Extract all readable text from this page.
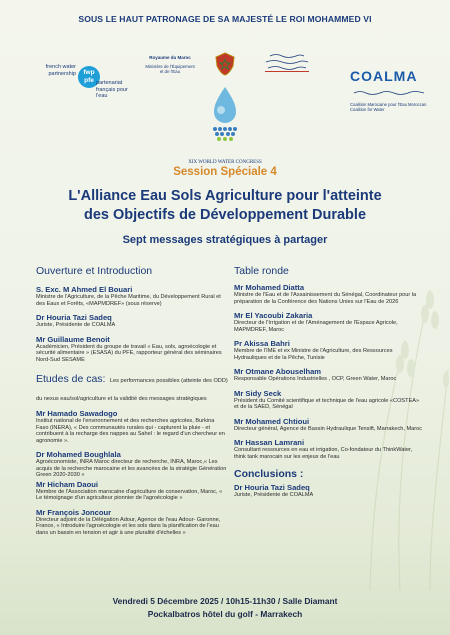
SOUS LE HAUT PATRONAGE DE SA MAJESTÉ LE ROI MOHAMMED VI
french water partnership	fwp pfe partenariat français pour l'eau
Royaume du Maroc
Ministère de l'Équipement et de l'Eau	COALMA
Coalition Marocaine pour l'Eau Moroccan Coalition for Water
XIX WORLD WATER CONGRESS
Session Spéciale 4
L'Alliance Eau Sols Agriculture pour l'atteinte
des Objectifs de Développement Durable
Sept messages stratégiques à partager
Ouverture et Introduction
S. Exc. M Ahmed El Bouari
Ministre de l'Agriculture, de la Pêche Maritime, du Développement Rural et des Eaux et Forêts, «MAPMDREF» (sous réserve)
Dr Houria Tazi Sadeq
Juriste, Présidente de COALMA
Mr Guillaume Benoit
Académicien, Président du groupe de travail « Eau, sols, agroécologie et sécurité alimentaire » (ESASA) du PFE, rapporteur général des séminaires Nord-Sud SESAME
Etudes de cas: Les performances possibles (atteinte des ODD) du nexus eau/sol/agriculture et la validité des messages stratégiques
Mr Hamado Sawadogo
Institut national de l'environnement et des recherches agricoles, Burkina Faso (INERA), « Des communautés rurales qui - capturent la pluie - et contribuent à la recharge des nappes au Sahel : le regard d'un chercheur en agronomie ».
Dr Mohamed Boughlala
Agroéconomiste, INRA Maroc directeur de recherche, INRA, Maroc,« Les acquis de la recherche marocaine et les avancées de la stratégie Génération Green 2020-2030 »
Mr Hicham Daoui
Membre de l'Association marocaine d'agriculture de conservation, Maroc, « Le témoignage d'un agriculteur pionnier de l'agroécologie »
Mr François Joncour
Directeur adjoint de la Délégation Adour, Agence de l'eau Adour- Garonne, France, « Introduire l'agroécologie et les sols dans la planification de l'eau dans un bassin en tension et agir à une pluralité d'échelles »
Table ronde
Mr Mohamed Diatta
Ministre de l'Eau et de l'Assainissement du Sénégal, Coordinateur pour la préparation de la Conférence des Nations Unies sur l'Eau de 2026
Mr El Yacoubi Zakaria
Directeur de l'Irrigation et de l'Aménagement de l'Espace Agricole, MAPMDREF, Maroc
Pr Akissa Bahri
Membre de l'IME et ex Ministre de l'Agriculture, des Ressources Hydrauliques et de la Pêche, Tunisie
Mr Otmane Abouselham
Responsable Opérations Industrielles , OCP, Green Water, Maroc
Mr Sidy Seck
Président du Comité scientifique et technique de l'eau agricole «COSTEA» et de la SAED, Sénégal
Mr Mohamed Chtioui
Directeur général, Agence de Bassin Hydraulique Tensift, Marrakech, Maroc
Mr Hassan Lamrani
Consultant ressources en eau et irrigation, Co-fondateur du ThinkWater, think tank marocain sur les enjeux de l'eau
Conclusions :
Dr Houria Tazi Sadeq
Juriste, Présidente de COALMA
Vendredi 5 Décembre 2025 / 10h15-11h30 / Salle Diamant
Pockalbatros hôtel du golf - Marrakech
